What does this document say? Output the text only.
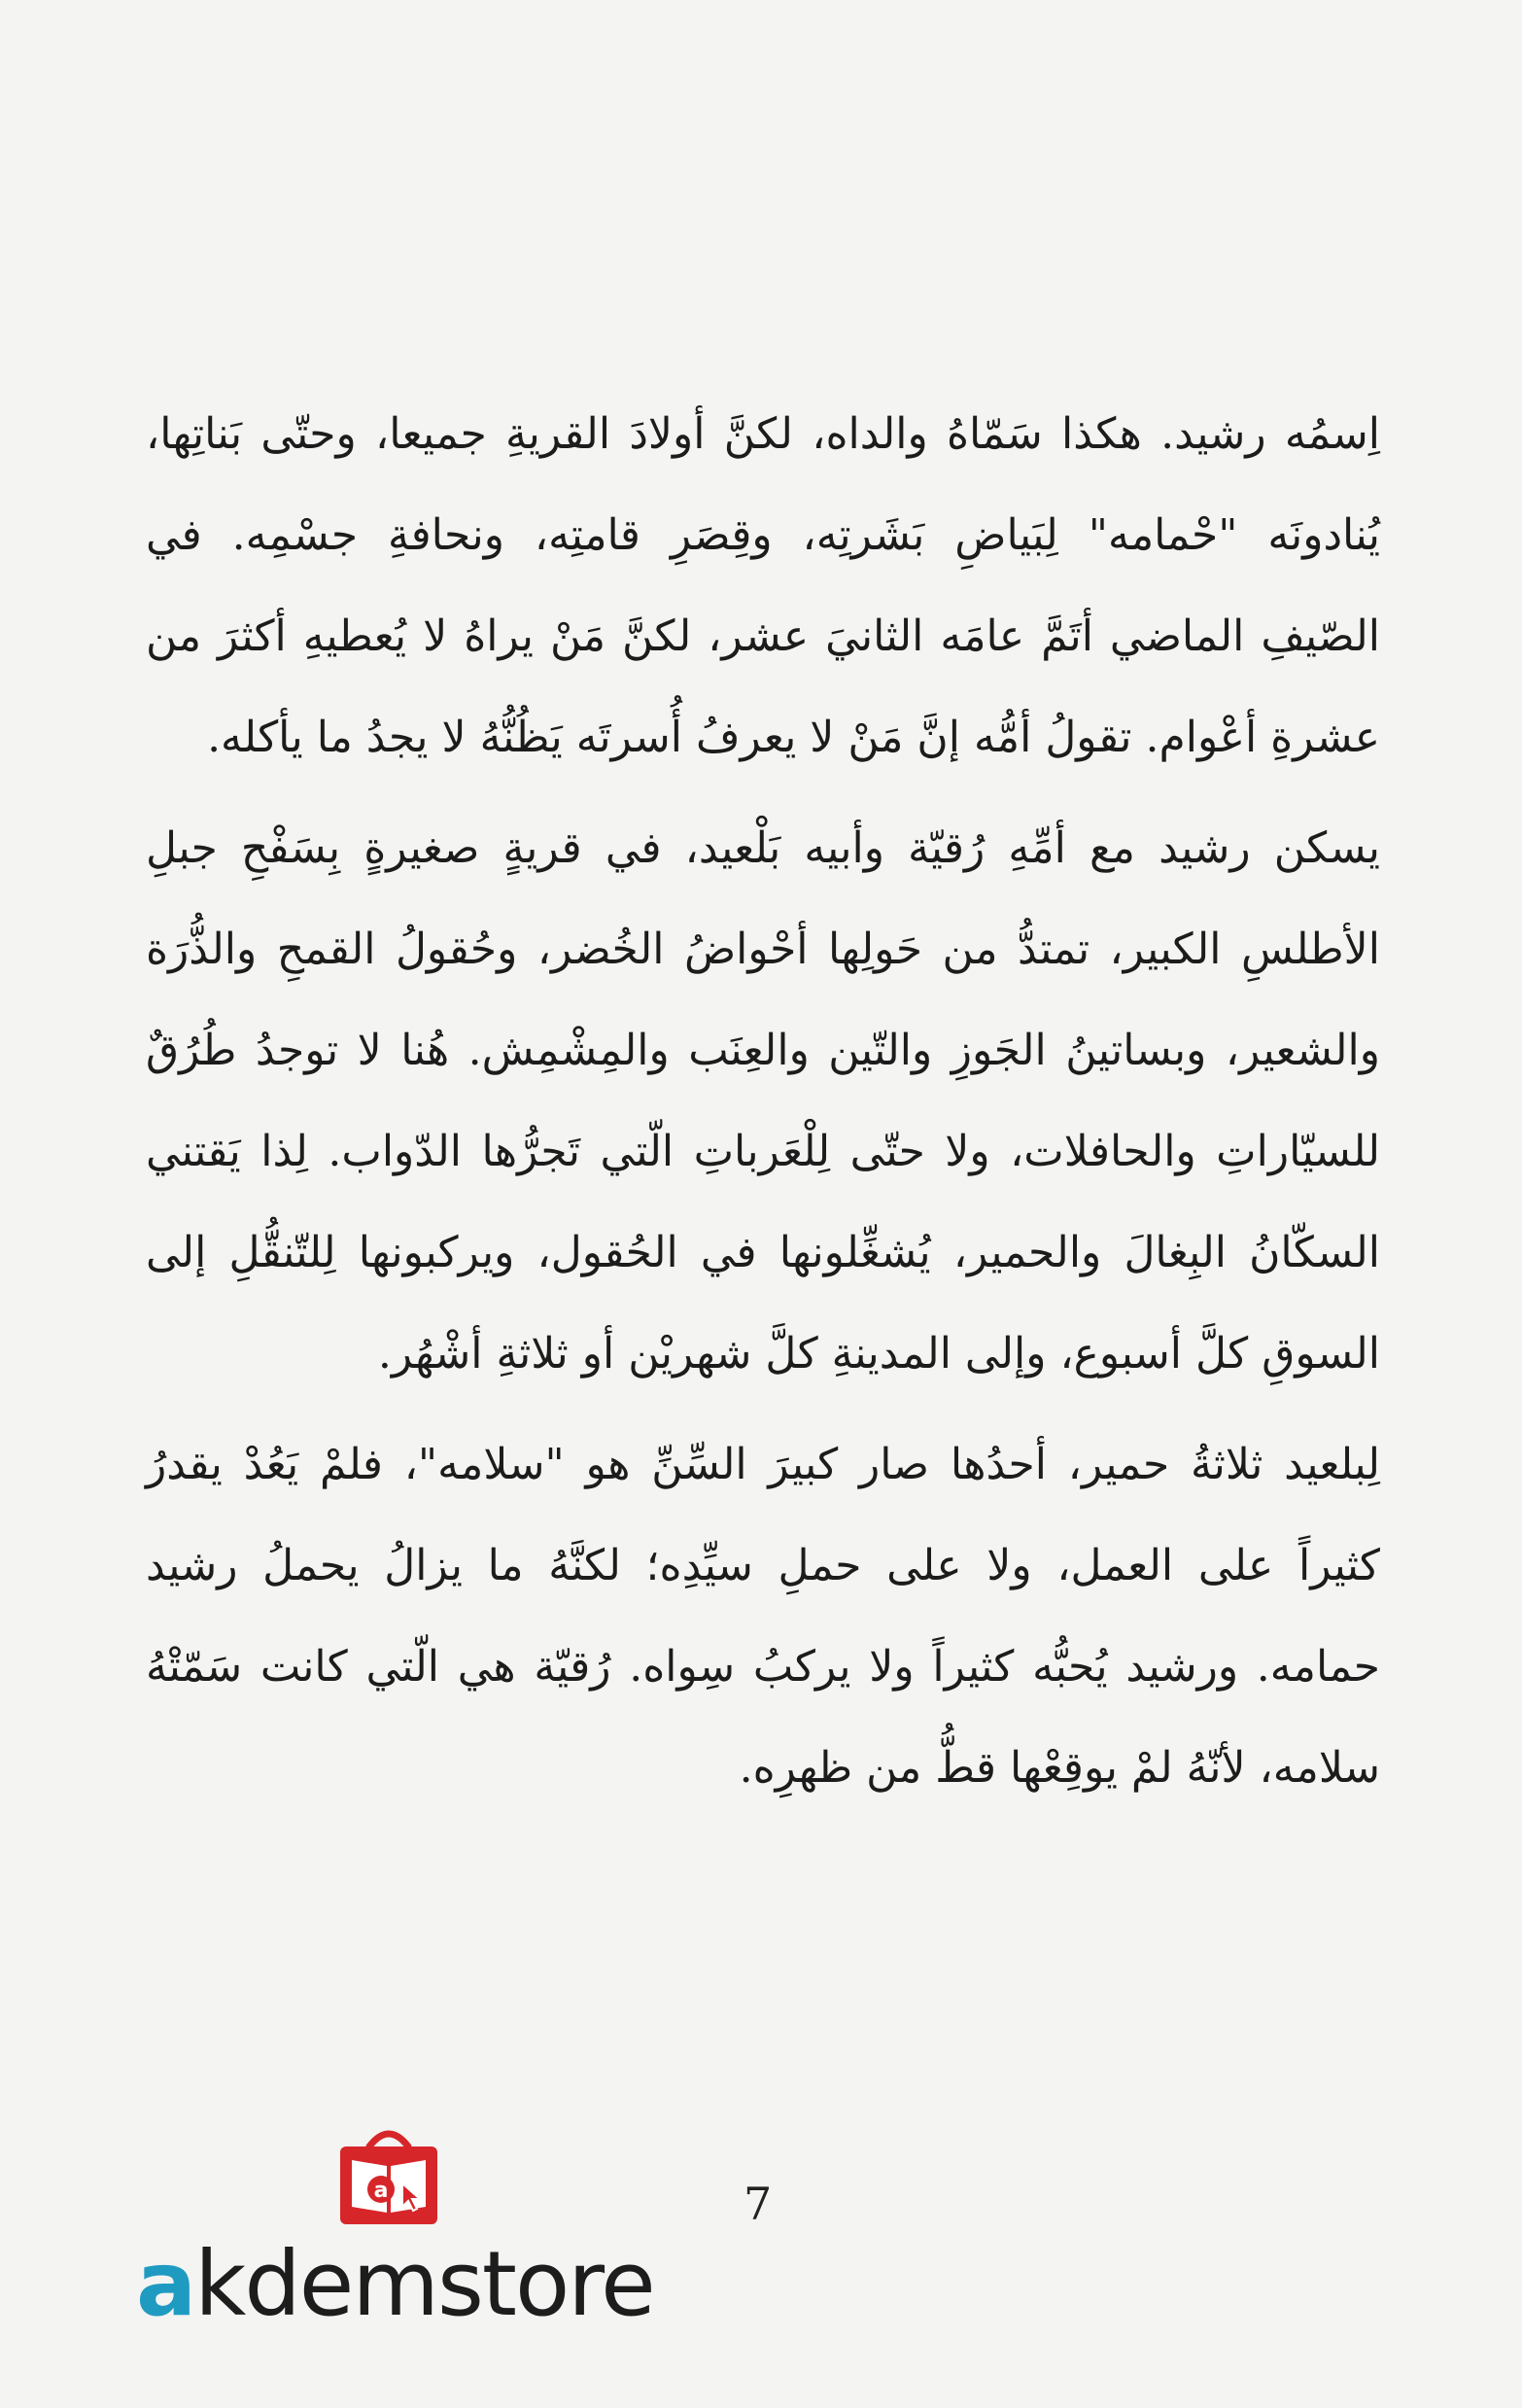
اِسمُه رشيد. هكذا سَمّاهُ والداه، لكنَّ أولادَ القريةِ جميعا، وحتّى بَناتِها، يُنادونَه "حْمامه" لِبَياضِ بَشَرتِه، وقِصَرِ قامتِه، ونحافةِ جسْمِه. في الصّيفِ الماضي أتَمَّ عامَه الثانيَ عشر، لكنَّ مَنْ يراهُ لا يُعطيهِ أكثرَ من عشرةِ أعْوام. تقولُ أمُّه إنَّ مَنْ لا يعرفُ أُسرتَه يَظُنُّهُ لا يجدُ ما يأكله.

يسكن رشيد مع أمِّهِ رُقيّة وأبيه بَلْعيد، في قريةٍ صغيرةٍ بِسَفْحِ جبلِ الأطلسِ الكبير، تمتدُّ من حَولِها أحْواضُ الخُضر، وحُقولُ القمحِ والذُّرَة والشعير، وبساتينُ الجَوزِ والتّين والعِنَب والمِشْمِش. هُنا لا توجدُ طُرُقٌ للسيّاراتِ والحافلات، ولا حتّى لِلْعَرباتِ الّتي تَجرُّها الدّواب. لِذا يَقتني السكّانُ البِغالَ والحمير، يُشغِّلونها في الحُقول، ويركبونها لِلتّنقُّلِ إلى السوقِ كلَّ أسبوع، وإلى المدينةِ كلَّ شهريْن أو ثلاثةِ أشْهُر.

لِبلعيد ثلاثةُ حمير، أحدُها صار كبيرَ السِّنِّ هو "سلامه"، فلمْ يَعُدْ يقدرُ كثيراً على العمل، ولا على حملِ سيِّدِه؛ لكنَّهُ ما يزالُ يحملُ رشيد حمامه. ورشيد يُحبُّه كثيراً ولا يركبُ سِواه. رُقيّة هي الّتي كانت سَمّتْهُ سلامه، لأنّهُ لمْ يوقِعْها قطُّ من ظهرِه.

7
a
akdemstore
